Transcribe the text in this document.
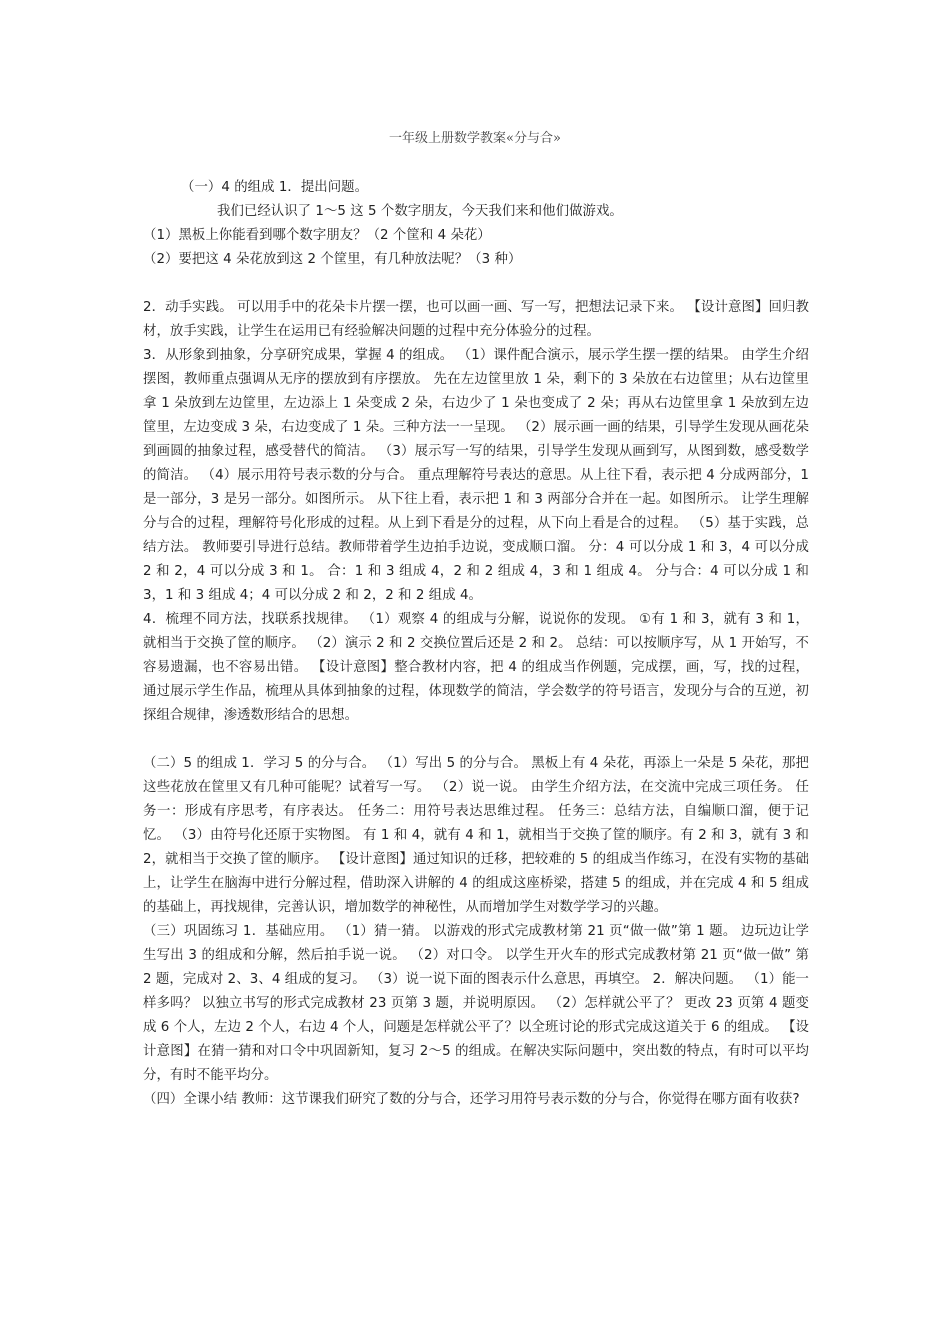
一年级上册数学教案«分与合»

（一）4 的组成 1．提出问题。

我们已经认识了 1～5 这 5 个数字朋友，今天我们来和他们做游戏。

（1）黑板上你能看到哪个数字朋友？（2 个筐和 4 朵花）

（2）要把这 4 朵花放到这 2 个筐里，有几种放法呢？（3 种）

2．动手实践。 可以用手中的花朵卡片摆一摆，也可以画一画、写一写，把想法记录下来。 【设计意图】回归教材，放手实践，让学生在运用已有经验解决问题的过程中充分体验分的过程。

3．从形象到抽象，分享研究成果，掌握 4 的组成。 （1）课件配合演示，展示学生摆一摆的结果。 由学生介绍摆图，教师重点强调从无序的摆放到有序摆放。 先在左边筐里放 1 朵，剩下的 3 朵放在右边筐里；从右边筐里拿 1 朵放到左边筐里，左边添上 1 朵变成 2 朵，右边少了 1 朵也变成了 2 朵；再从右边筐里拿 1 朵放到左边筐里，左边变成 3 朵，右边变成了 1 朵。三种方法一一呈现。 （2）展示画一画的结果，引导学生发现从画花朵到画圆的抽象过程，感受替代的简洁。 （3）展示写一写的结果，引导学生发现从画到写，从图到数，感受数学的简洁。 （4）展示用符号表示数的分与合。 重点理解符号表达的意思。从上往下看，表示把 4 分成两部分，1 是一部分，3 是另一部分。如图所示。 从下往上看，表示把 1 和 3 两部分合并在一起。如图所示。 让学生理解分与合的过程，理解符号化形成的过程。从上到下看是分的过程，从下向上看是合的过程。 （5）基于实践，总结方法。 教师要引导进行总结。教师带着学生边拍手边说，变成顺口溜。 分：4 可以分成 1 和 3，4 可以分成 2 和 2，4 可以分成 3 和 1。 合：1 和 3 组成 4，2 和 2 组成 4，3 和 1 组成 4。 分与合：4 可以分成 1 和 3，1 和 3 组成 4；4 可以分成 2 和 2，2 和 2 组成 4。

4．梳理不同方法，找联系找规律。 （1）观察 4 的组成与分解，说说你的发现。 ①有 1 和 3，就有 3 和 1，就相当于交换了筐的顺序。 （2）演示 2 和 2 交换位置后还是 2 和 2。 总结：可以按顺序写，从 1 开始写，不容易遗漏，也不容易出错。 【设计意图】整合教材内容，把 4 的组成当作例题，完成摆，画，写，找的过程，通过展示学生作品，梳理从具体到抽象的过程，体现数学的简洁，学会数学的符号语言，发现分与合的互逆，初探组合规律，渗透数形结合的思想。

（二）5 的组成 1．学习 5 的分与合。 （1）写出 5 的分与合。 黑板上有 4 朵花，再添上一朵是 5 朵花，那把这些花放在筐里又有几种可能呢？试着写一写。 （2）说一说。 由学生介绍方法，在交流中完成三项任务。 任务一：形成有序思考，有序表达。 任务二：用符号表达思维过程。 任务三：总结方法，自编顺口溜，便于记忆。 （3）由符号化还原于实物图。 有 1 和 4，就有 4 和 1，就相当于交换了筐的顺序。有 2 和 3，就有 3 和 2，就相当于交换了筐的顺序。 【设计意图】通过知识的迁移，把较难的 5 的组成当作练习，在没有实物的基础上，让学生在脑海中进行分解过程，借助深入讲解的 4 的组成这座桥梁，搭建 5 的组成，并在完成 4 和 5 组成的基础上，再找规律，完善认识，增加数学的神秘性，从而增加学生对数学学习的兴趣。

（三）巩固练习 1．基础应用。 （1）猜一猜。 以游戏的形式完成教材第 21 页“做一做”第 1 题。 边玩边让学生写出 3 的组成和分解，然后拍手说一说。 （2）对口令。 以学生开火车的形式完成教材第 21 页“做一做” 第 2 题，完成对 2、3、4 组成的复习。 （3）说一说下面的图表示什么意思，再填空。 2．解决问题。 （1）能一样多吗？ 以独立书写的形式完成教材 23 页第 3 题，并说明原因。 （2）怎样就公平了？ 更改 23 页第 4 题变成 6 个人，左边 2 个人，右边 4 个人，问题是怎样就公平了？以全班讨论的形式完成这道关于 6 的组成。 【设计意图】在猜一猜和对口令中巩固新知，复习 2～5 的组成。在解决实际问题中，突出数的特点，有时可以平均分，有时不能平均分。

（四）全课小结 教师：这节课我们研究了数的分与合，还学习用符号表示数的分与合，你觉得在哪方面有收获?
